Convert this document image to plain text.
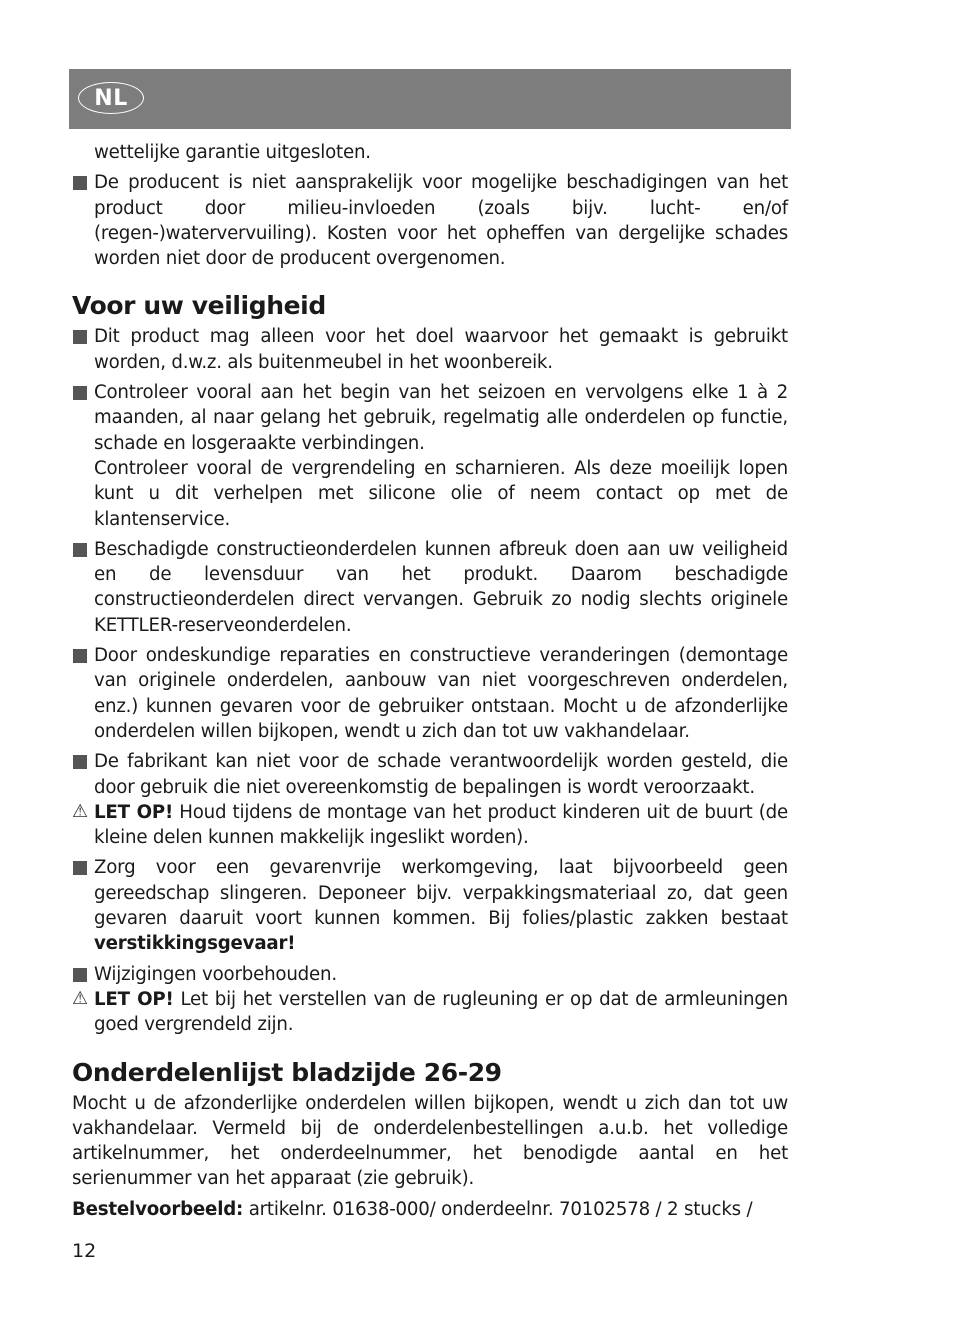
NL

wettelijke garantie uitgesloten.

De producent is niet aansprakelijk voor mogelijke beschadigingen van het product door milieu-invloeden (zoals bijv. lucht- en/of (regen-)watervervuiling). Kosten voor het opheffen van dergelijke schades worden niet door de producent overgenomen.
Voor uw veiligheid
Dit product mag alleen voor het doel waarvoor het gemaakt is gebruikt worden, d.w.z. als buitenmeubel in het woonbereik.
Controleer vooral aan het begin van het seizoen en vervolgens elke 1 à 2 maanden, al naar gelang het gebruik, regelmatig alle onderdelen op functie, schade en losgeraakte verbindingen.

Controleer vooral de vergrendeling en scharnieren. Als deze moeilijk lopen kunt u dit verhelpen met silicone olie of neem contact op met de klantenservice.

Beschadigde constructieonderdelen kunnen afbreuk doen aan uw veiligheid en de levensduur van het produkt. Daarom beschadigde constructieonderdelen direct vervangen. Gebruik zo nodig slechts originele KETTLER-reserveonderdelen.
Door ondeskundige reparaties en constructieve veranderingen (demontage van originele onderdelen, aanbouw van niet voorgeschreven onderdelen, enz.) kunnen gevaren voor de gebruiker ontstaan. Mocht u de afzonderlijke onderdelen willen bijkopen, wendt u zich dan tot uw vakhandelaar.
De fabrikant kan niet voor de schade verantwoordelijk worden gesteld, die door gebruik die niet overeenkomstig de bepalingen is wordt veroorzaakt.
⚠ LET OP! Houd tijdens de montage van het product kinderen uit de buurt (de kleine delen kunnen makkelijk ingeslikt worden).
Zorg voor een gevarenvrije werkomgeving, laat bijvoorbeeld geen gereedschap slingeren. Deponeer bijv. verpakkingsmateriaal zo, dat geen gevaren daaruit voort kunnen kommen. Bij folies/plastic zakken bestaat verstikkingsgevaar!
Wijzigingen voorbehouden.
⚠ LET OP! Let bij het verstellen van de rugleuning er op dat de armleuningen goed vergrendeld zijn.
Onderdelenlijst bladzijde 26-29

Mocht u de afzonderlijke onderdelen willen bijkopen, wendt u zich dan tot uw vakhandelaar. Vermeld bij de onderdelenbestellingen a.u.b. het volledige artikelnummer, het onderdeelnummer, het benodigde aantal en het serienummer van het apparaat (zie gebruik).

Bestelvoorbeeld: artikelnr. 01638-000/ onderdeelnr. 70102578 / 2 stucks /

12
